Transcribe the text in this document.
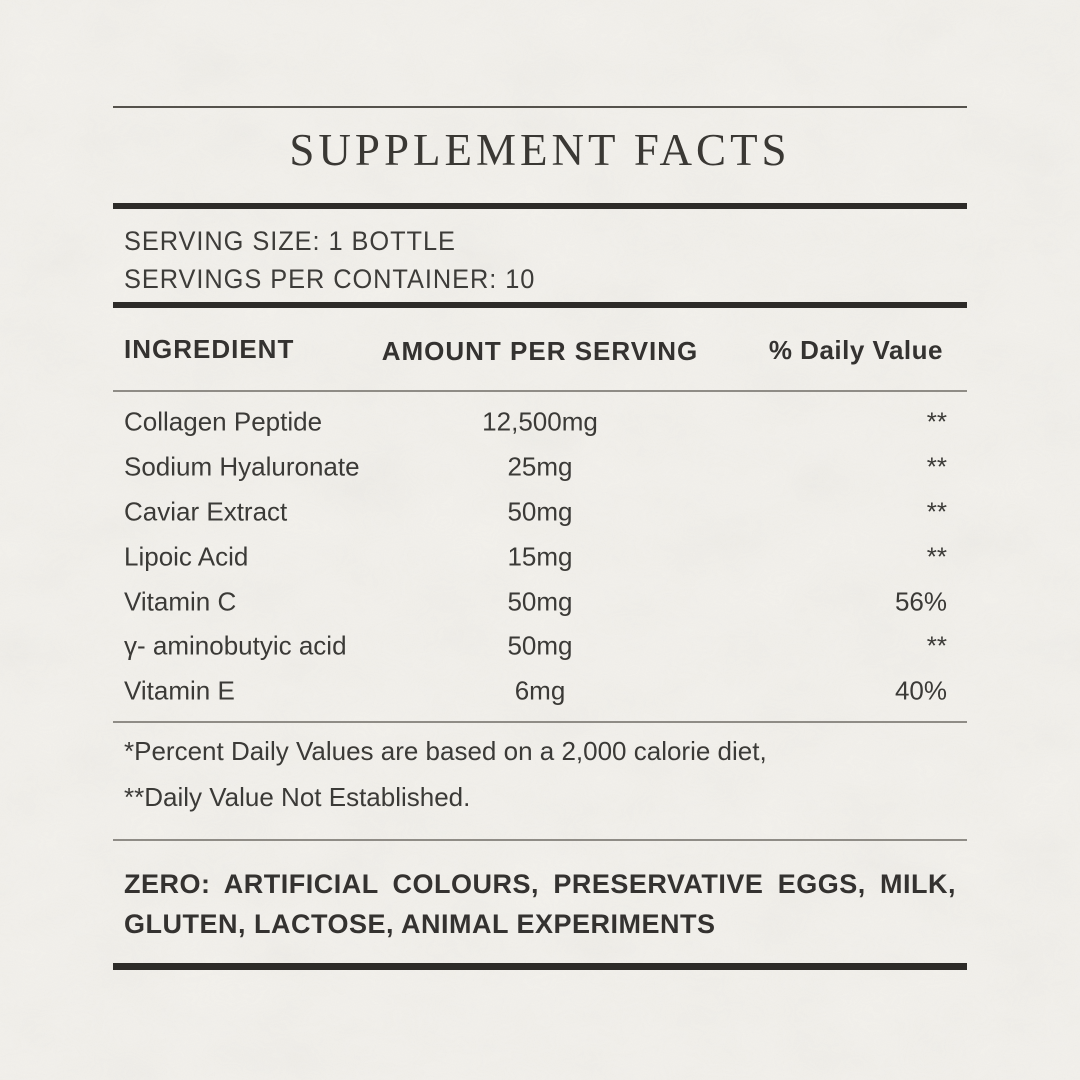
SUPPLEMENT FACTS
SERVING SIZE: 1 BOTTLE
SERVINGS PER CONTAINER: 10
INGREDIENT	AMOUNT PER SERVING	% Daily Value
Collagen Peptide	12,500mg	**
Sodium Hyaluronate	25mg	**
Caviar Extract	50mg	**
Lipoic Acid	15mg	**
Vitamin C	50mg	56%
γ- aminobutyic acid	50mg	**
Vitamin E	6mg	40%
*Percent Daily Values are based on a 2,000 calorie diet,
**Daily Value Not Established.
ZERO: ARTIFICIAL COLOURS, PRESERVATIVE EGGS, MILK,
GLUTEN, LACTOSE, ANIMAL EXPERIMENTS
